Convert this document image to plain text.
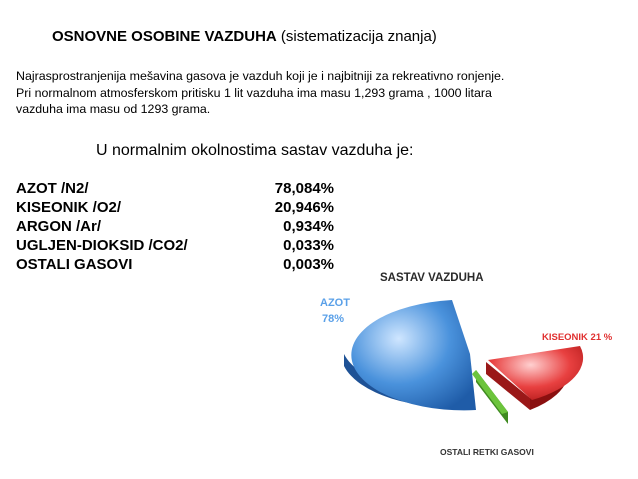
OSNOVNE OSOBINE VAZDUHA (sistematizacija znanja)
Najrasprostranjenija mešavina gasova je vazduh koji je i najbitniji za rekreativno ronjenje.
Pri normalnom atmosferskom pritisku 1 lit vazduha ima masu 1,293 grama , 1000 litara
vazduha ima masu od 1293 grama.
U normalnim okolnostima sastav vazduha je:
AZOT /N2/	78,084%
KISEONIK /O2/	20,946%
ARGON /Ar/	0,934%
UGLJEN-DIOKSID /CO2/	0,033%
OSTALI GASOVI	0,003%
SASTAV VAZDUHA
AZOT
78%
KISEONIK 21 %
OSTALI RETKI GASOVI
